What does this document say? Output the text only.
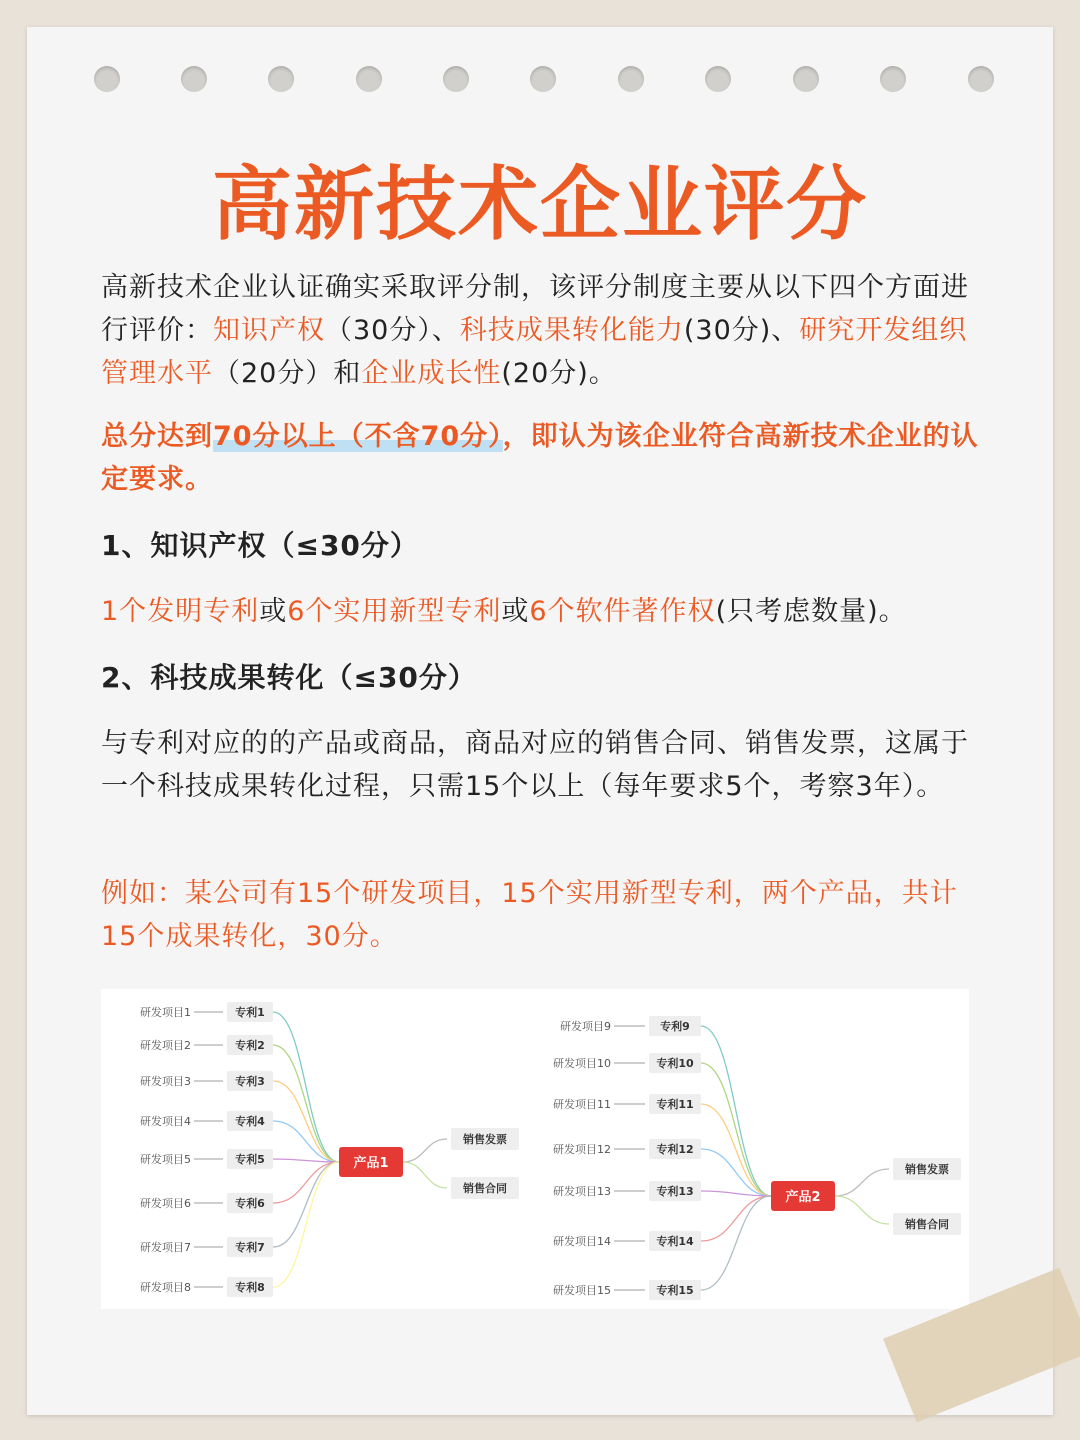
高新技术企业评分
高新技术企业认证确实采取评分制，该评分制度主要从以下四个方面进行评价：知识产权（30分）、科技成果转化能力(30分)、研究开发组织管理水平（20分）和企业成长性(20分)。
总分达到70分以上（不含70分），即认为该企业符合高新技术企业的认定要求。
1、知识产权（≤30分）
1个发明专利或6个实用新型专利或6个软件著作权(只考虑数量)。
2、科技成果转化（≤30分）
与专利对应的的产品或商品，商品对应的销售合同、销售发票，这属于一个科技成果转化过程，只需15个以上（每年要求5个，考察3年）。
例如：某公司有15个研发项目，15个实用新型专利，两个产品，共计15个成果转化，30分。
研发项目1	专利1
研发项目2	专利2
研发项目3	专利3
研发项目4	专利4
研发项目5	专利5
研发项目6	专利6
研发项目7	专利7
研发项目8	专利8
产品1
销售发票
销售合同
研发项目9	专利9
研发项目10	专利10
研发项目11	专利11
研发项目12	专利12
研发项目13	专利13
研发项目14	专利14
研发项目15	专利15
产品2
销售发票
销售合同
